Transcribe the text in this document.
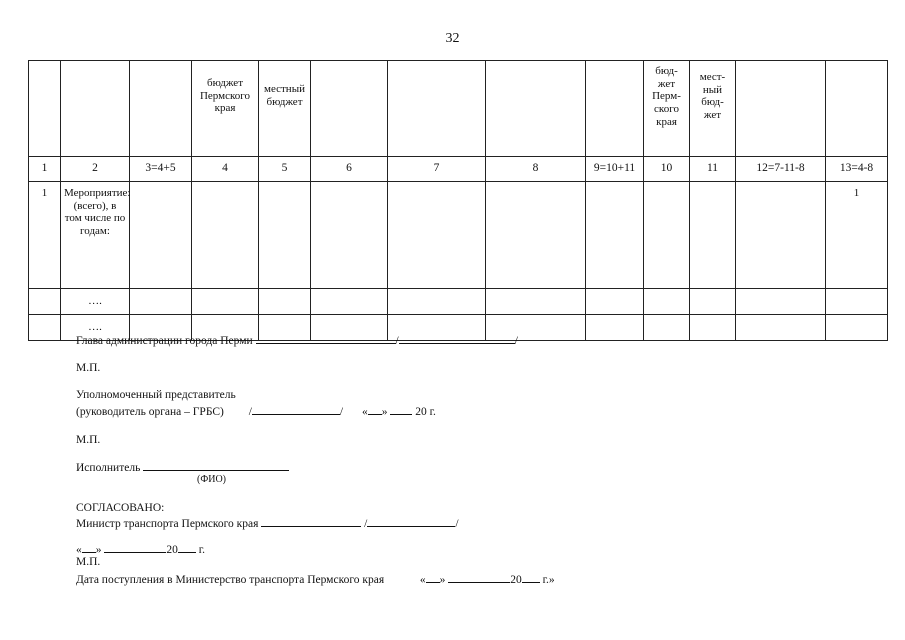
32

			бюджет Пермского края	местный бюджет					бюд-жет Перм-ского края	мест-ный бюд-жет		

1	2	3=4+5	4	5	6	7	8	9=10+11	10	11	12=7-11-8	13=4-8
1	Мероприятие: (всего), в том числе по годам:											1
	….											
	….											
Глава администрации города Перми	/	/
М.П.
Уполномоченный представитель
(руководитель органа – ГРБС) /	/ « » 20 г.
М.П.
Исполнитель
(ФИО)
СОГЛАСОВАНО:
Министр транспорта Пермского края	/	/
« »	20 г.
М.П.
Дата поступления в Министерство транспорта Пермского края	« »	20 г.»
